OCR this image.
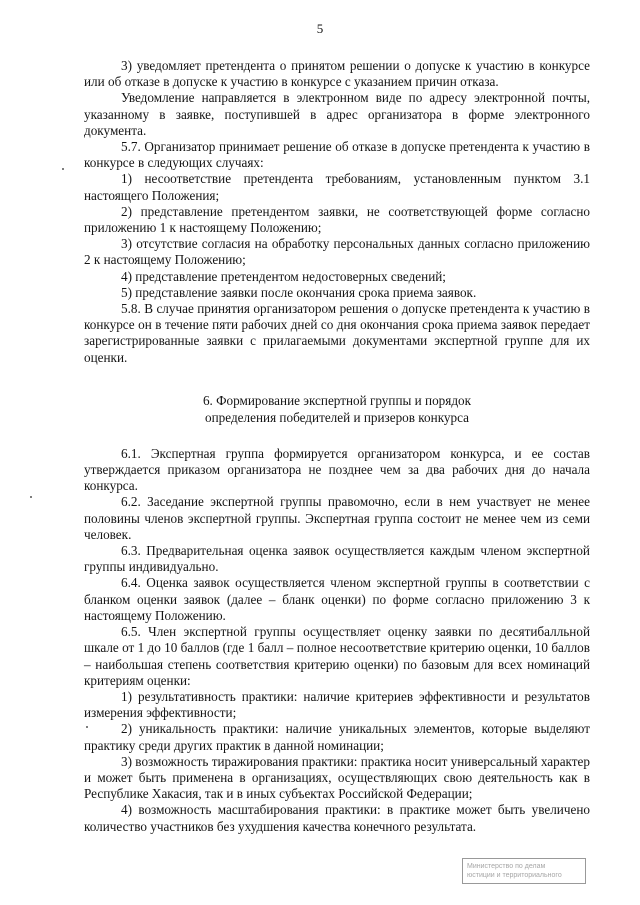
5

3) уведомляет претендента о принятом решении о допуске к участию в конкурсе или об отказе в допуске к участию в конкурсе с указанием причин отказа.

Уведомление направляется в электронном виде по адресу электронной почты, указанному в заявке, поступившей в адрес организатора в форме электронного документа.

5.7. Организатор принимает решение об отказе в допуске претендента к участию в конкурсе в следующих случаях:

1) несоответствие претендента требованиям, установленным пунктом 3.1 настоящего Положения;

2) представление претендентом заявки, не соответствующей форме согласно приложению 1 к настоящему Положению;

3) отсутствие согласия на обработку персональных данных согласно приложению 2 к настоящему Положению;

4) представление претендентом недостоверных сведений;

5) представление заявки после окончания срока приема заявок.

5.8. В случае принятия организатором решения о допуске претендента к участию в конкурсе он в течение пяти рабочих дней со дня окончания срока приема заявок передает зарегистрированные заявки с прилагаемыми документами экспертной группе для их оценки.

6. Формирование экспертной группы и порядок
определения победителей и призеров конкурса

6.1. Экспертная группа формируется организатором конкурса, и ее состав утверждается приказом организатора не позднее чем за два рабочих дня до начала конкурса.

6.2. Заседание экспертной группы правомочно, если в нем участвует не менее половины членов экспертной группы. Экспертная группа состоит не менее чем из семи человек.

6.3. Предварительная оценка заявок осуществляется каждым членом экспертной группы индивидуально.

6.4. Оценка заявок осуществляется членом экспертной группы в соответствии с бланком оценки заявок (далее – бланк оценки) по форме согласно приложению 3 к настоящему Положению.

6.5. Член экспертной группы осуществляет оценку заявки по десятибалльной шкале от 1 до 10 баллов (где 1 балл – полное несоответствие критерию оценки, 10 баллов – наибольшая степень соответствия критерию оценки) по базовым для всех номинаций критериям оценки:

1) результативность практики: наличие критериев эффективности и результатов измерения эффективности;

2) уникальность практики: наличие уникальных элементов, которые выделяют практику среди других практик в данной номинации;

3) возможность тиражирования практики: практика носит универсальный характер и может быть применена в организациях, осуществляющих свою деятельность как в Республике Хакасия, так и в иных субъектах Российской Федерации;

4) возможность масштабирования практики: в практике может быть увеличено количество участников без ухудшения качества конечного результата.

Министерство по делам
юстиции и территориального
